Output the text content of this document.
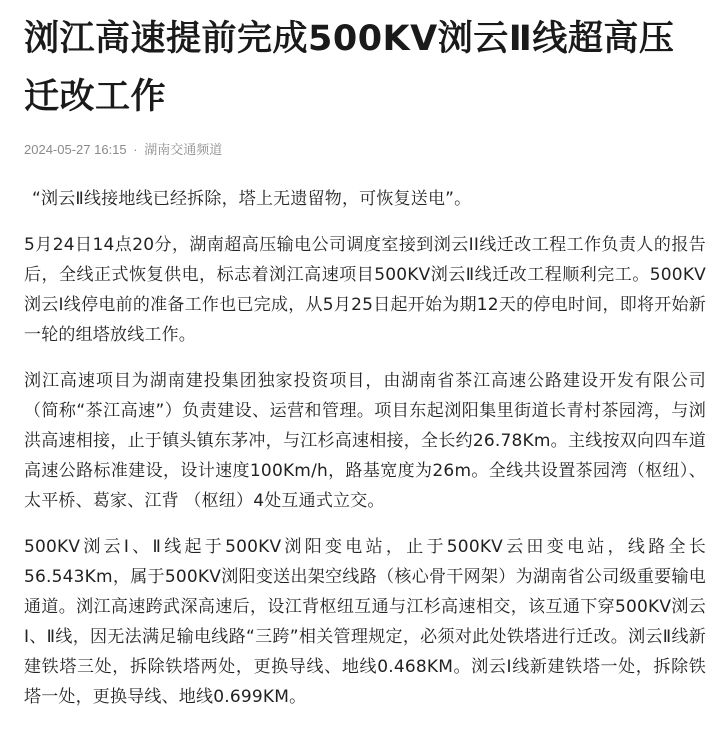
浏江高速提前完成500KV浏云Ⅱ线超高压迁改工作
2024-05-27 16:15 · 湖南交通频道

“浏云Ⅱ线接地线已经拆除，塔上无遗留物，可恢复送电”。

5月24日14点20分，湖南超高压输电公司调度室接到浏云II线迁改工程工作负责人的报告后，全线正式恢复供电，标志着浏江高速项目500KV浏云Ⅱ线迁改工程顺利完工。500KV浏云Ⅰ线停电前的准备工作也已完成，从5月25日起开始为期12天的停电时间，即将开始新一轮的组塔放线工作。

浏江高速项目为湖南建投集团独家投资项目，由湖南省茶江高速公路建设开发有限公司（简称“茶江高速”）负责建设、运营和管理。项目东起浏阳集里街道长青村茶园湾，与浏洪高速相接，止于镇头镇东茅冲，与江杉高速相接，全长约26.78Km。主线按双向四车道高速公路标准建设，设计速度100Km/h，路基宽度为26m。全线共设置茶园湾（枢纽）、太平桥、葛家、江背 （枢纽）4处互通式立交。

500KV浏云Ⅰ、Ⅱ线起于500KV浏阳变电站，止于500KV云田变电站，线路全长56.543Km，属于500KV浏阳变送出架空线路（核心骨干网架）为湖南省公司级重要输电通道。浏江高速跨武深高速后，设江背枢纽互通与江杉高速相交，该互通下穿500KV浏云Ⅰ、Ⅱ线，因无法满足输电线路“三跨”相关管理规定，必须对此处铁塔进行迁改。浏云Ⅱ线新建铁塔三处，拆除铁塔两处，更换导线、地线0.468KM。浏云I线新建铁塔一处，拆除铁塔一处，更换导线、地线0.699KM。
